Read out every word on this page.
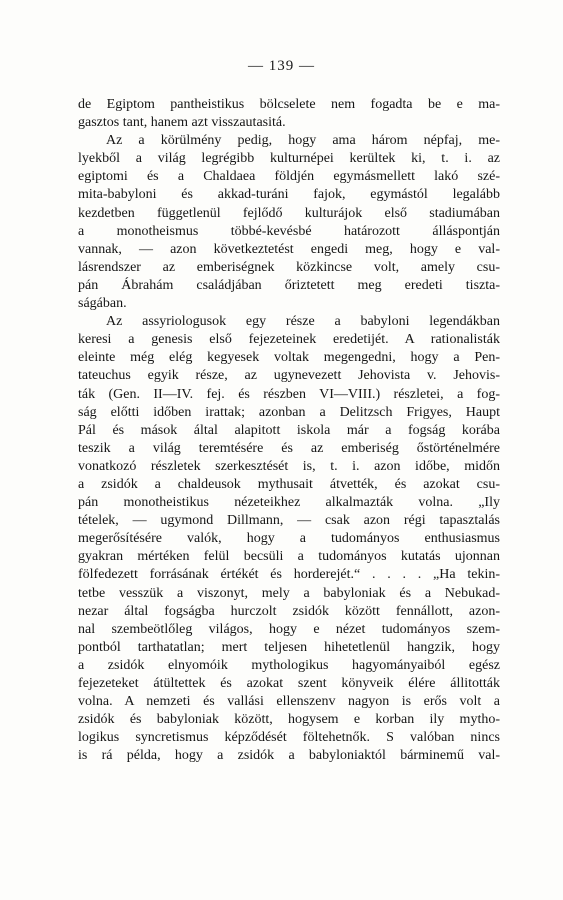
— 139 —
de Egiptom pantheistikus bölcselete nem fogadta be e ma-
gasztos tant, hanem azt visszautasitá.
Az a körülmény pedig, hogy ama három népfaj, me-
lyekből a világ legrégibb kulturnépei kerültek ki, t. i. az
egiptomi és a Chaldaea földjén egymásmellett lakó szé-
mita-babyloni és akkad-turáni fajok, egymástól legalább
kezdetben függetlenül fejlődő kulturájok első stadiumában
a monotheismus többé-kevésbé határozott álláspontján
vannak, — azon következtetést engedi meg, hogy e val-
lásrendszer az emberiségnek közkincse volt, amely csu-
pán Ábrahám családjában őriztetett meg eredeti tiszta-
ságában.
Az assyriologusok egy része a babyloni legendákban
keresi a genesis első fejezeteinek eredetijét. A rationalisták
eleinte még elég kegyesek voltak megengedni, hogy a Pen-
tateuchus egyik része, az ugynevezett Jehovista v. Jehovis-
ták (Gen. II—IV. fej. és részben VI—VIII.) részletei, a fog-
ság előtti időben irattak; azonban a Delitzsch Frigyes, Haupt
Pál és mások által alapitott iskola már a fogság korába
teszik a világ teremtésére és az emberiség őstörténelmére
vonatkozó részletek szerkesztését is, t. i. azon időbe, midőn
a zsidók a chaldeusok mythusait átvették, és azokat csu-
pán monotheistikus nézeteikhez alkalmazták volna. „Ily
tételek, — ugymond Dillmann, — csak azon régi tapasztalás
megerősítésére valók, hogy a tudományos enthusiasmus
gyakran mértéken felül becsüli a tudományos kutatás ujonnan
fölfedezett forrásának értékét és horderejét.“ . . . . „Ha tekin-
tetbe vesszük a viszonyt, mely a babyloniak és a Nebukad-
nezar által fogságba hurczolt zsidók között fennállott, azon-
nal szembeötlőleg világos, hogy e nézet tudományos szem-
pontból tarthatatlan; mert teljesen hihetetlenül hangzik, hogy
a zsidók elnyomóik mythologikus hagyományaiból egész
fejezeteket átültettek és azokat szent könyveik élére állitották
volna. A nemzeti és vallási ellenszenv nagyon is erős volt a
zsidók és babyloniak között, hogysem e korban ily mytho-
logikus syncretismus képződését föltehetnők. S valóban nincs
is rá példa, hogy a zsidók a babyloniaktól bárminemű val-
